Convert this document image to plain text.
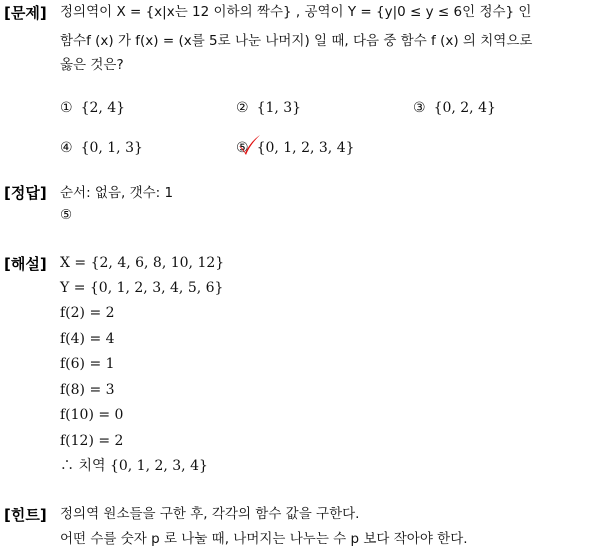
[문제] 정의역이 X = {x|x는 12 이하의 짝수} , 공역이 Y = {y|0 ≤ y ≤ 6인 정수} 인
함수f (x) 가 f(x) = (x를 5로 나눈 나머지) 일 때, 다음 중 함수 f (x) 의 치역으로
옳은 것은?
① {2, 4}	② {1, 3}	③ {0, 2, 4}
④ {0, 1, 3}	⑤ {0, 1, 2, 3, 4}
[정답] 순서: 없음, 갯수: 1
⑤
[해설] X = {2, 4, 6, 8, 10, 12}
Y = {0, 1, 2, 3, 4, 5, 6}
f(2) = 2
f(4) = 4
f(6) = 1
f(8) = 3
f(10) = 0
f(12) = 2
∴ 치역 {0, 1, 2, 3, 4}
[힌트] 정의역 원소들을 구한 후, 각각의 함수 값을 구한다.
어떤 수를 숫자 p 로 나눌 때, 나머지는 나누는 수 p 보다 작아야 한다.
